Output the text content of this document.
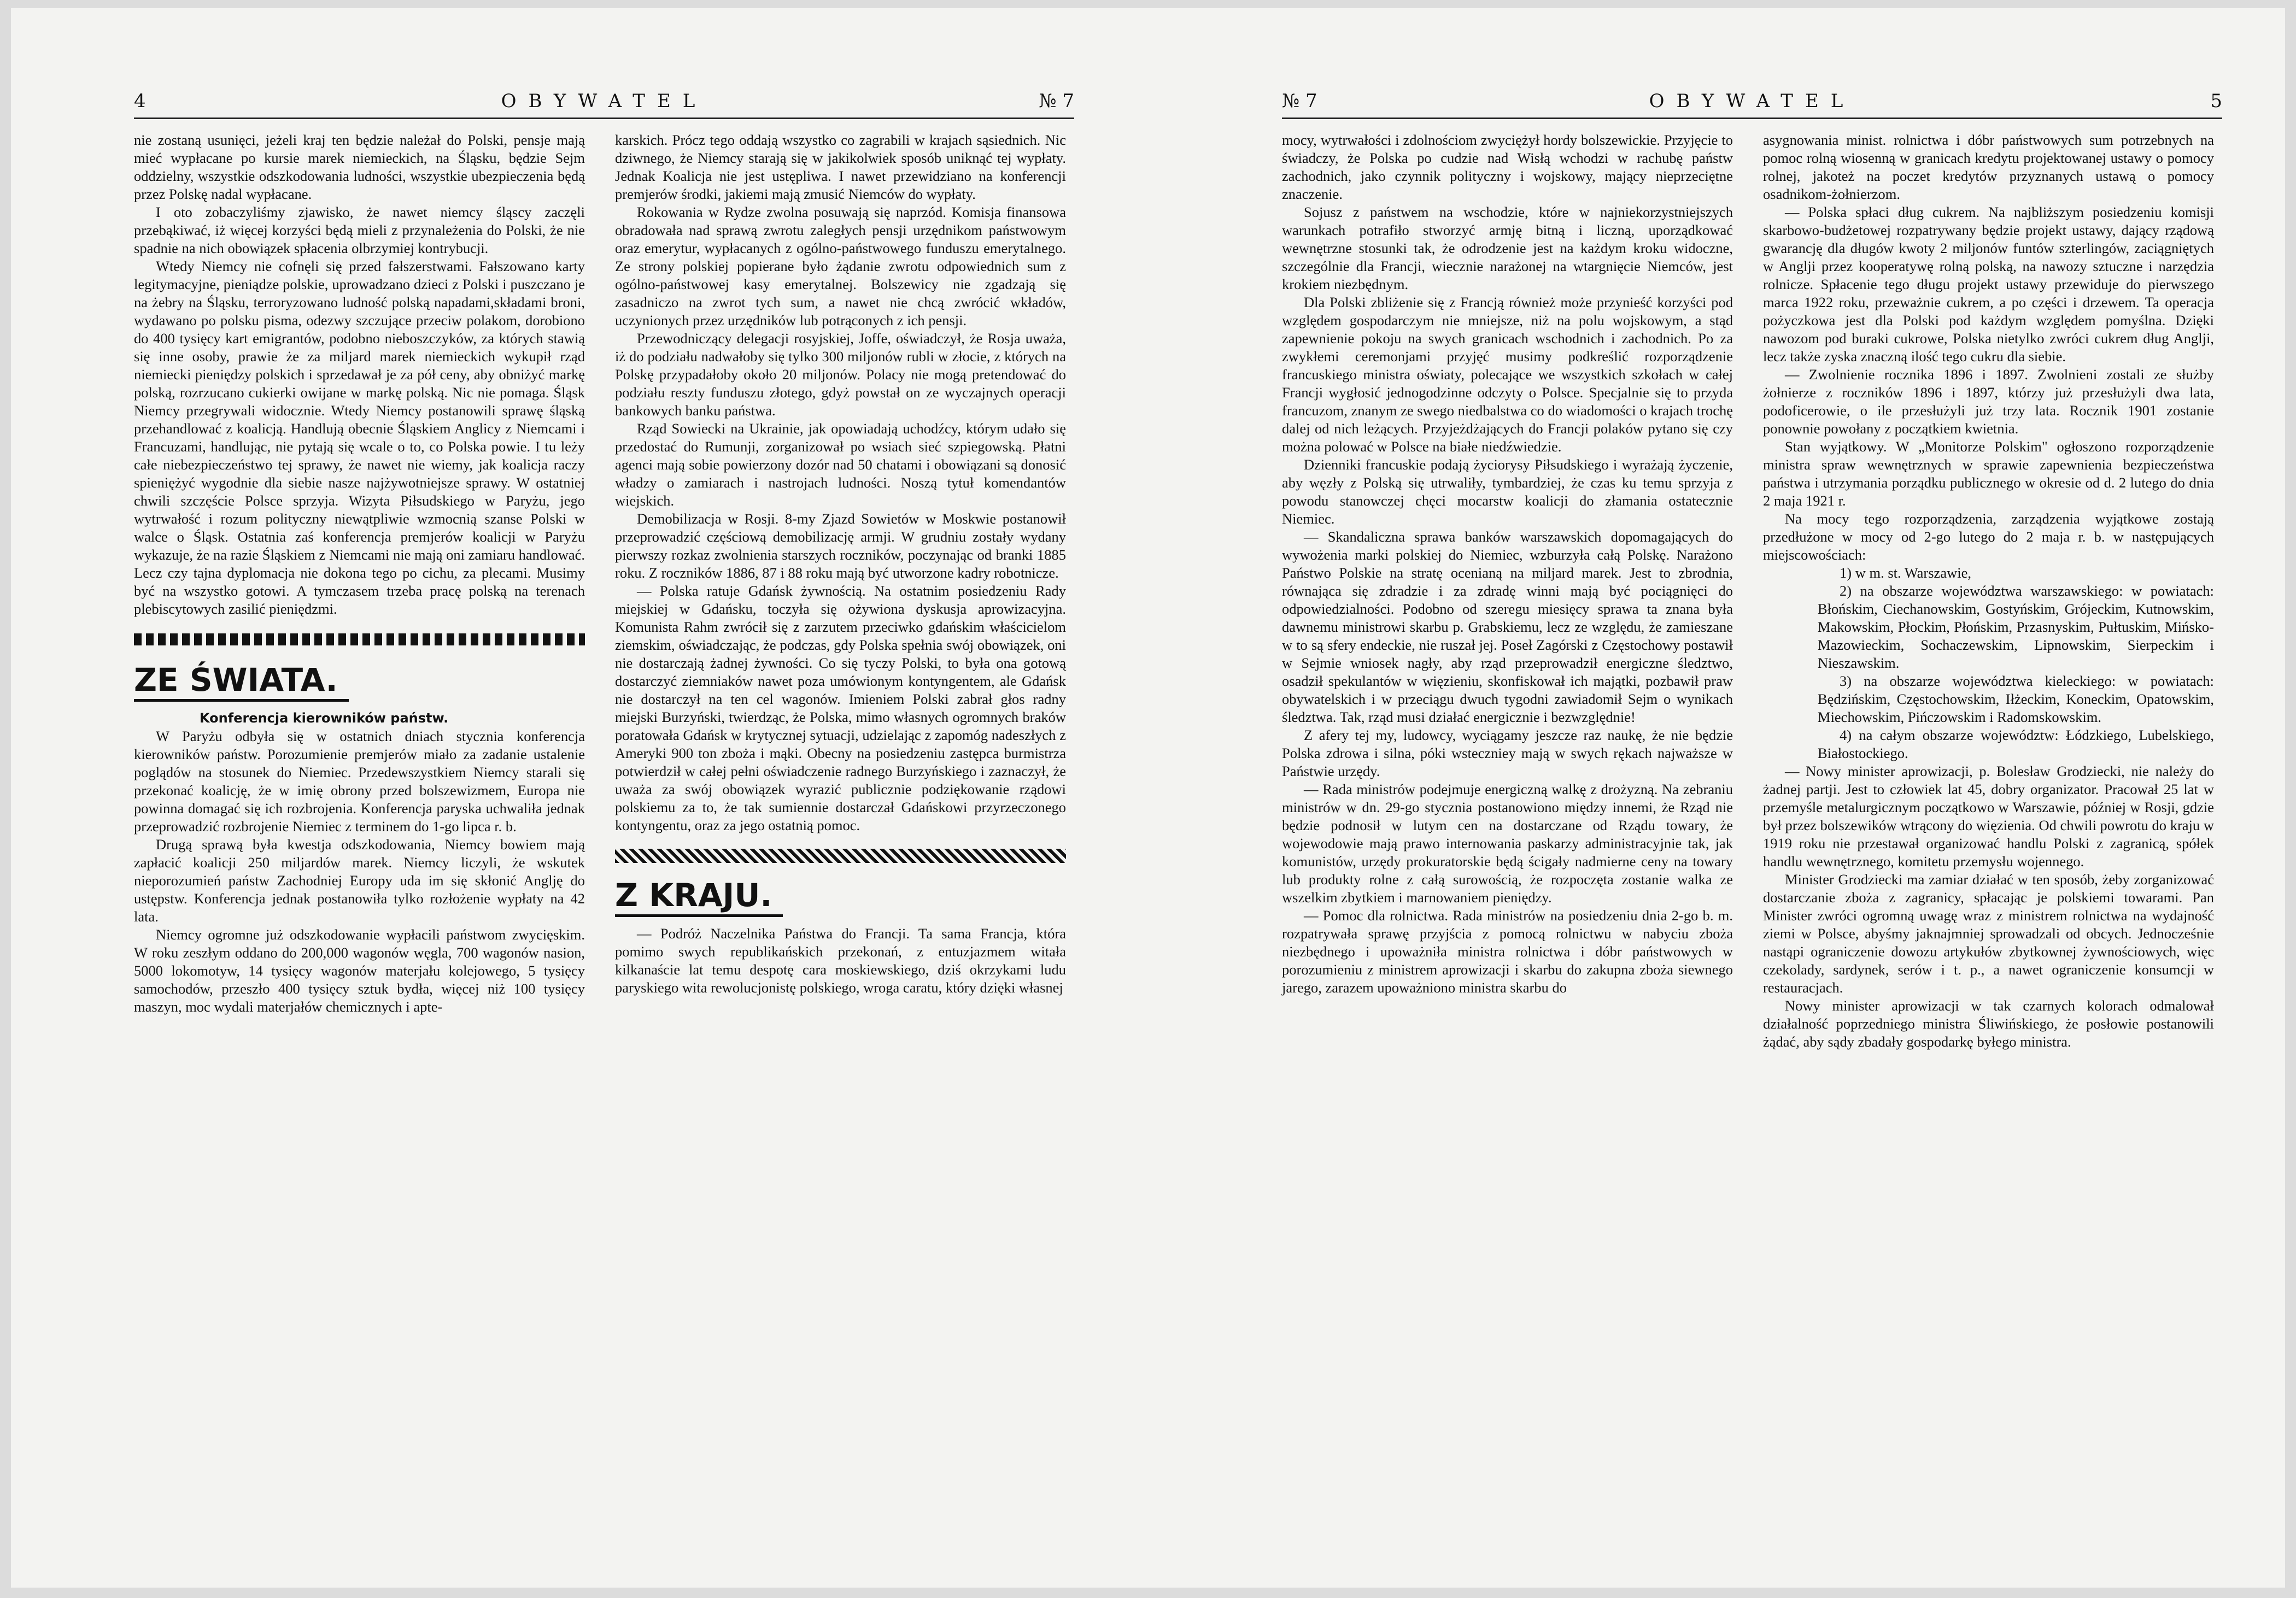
4	OBYWATEL	№ 7

nie zostaną usunięci, jeżeli kraj ten będzie należał do Polski, pensje mają mieć wypłacane po kursie marek niemieckich, na Śląsku, będzie Sejm oddzielny, wszystkie odszkodowania ludności, wszystkie ubezpieczenia będą przez Polskę nadal wypłacane.

I oto zobaczyliśmy zjawisko, że nawet niemcy śląscy zaczęli przebąkiwać, iż więcej korzyści będą mieli z przynależenia do Polski, że nie spadnie na nich obowiązek spłacenia olbrzymiej kontrybucji.

Wtedy Niemcy nie cofnęli się przed fałszerstwami. Fałszowano karty legitymacyjne, pieniądze polskie, uprowadzano dzieci z Polski i puszczano je na żebry na Śląsku, terroryzowano ludność polską napadami,składami broni, wydawano po polsku pisma, odezwy szczujące przeciw polakom, dorobiono do 400 tysięcy kart emigrantów, podobno nieboszczyków, za których stawią się inne osoby, prawie że za miljard marek niemieckich wykupił rząd niemiecki pieniędzy polskich i sprzedawał je za pół ceny, aby obniżyć markę polską, rozrzucano cukierki owijane w markę polską. Nic nie pomaga. Śląsk Niemcy przegrywali widocznie. Wtedy Niemcy postanowili sprawę śląską przehandlować z koalicją. Handlują obecnie Śląskiem Anglicy z Niemcami i Francuzami, handlując, nie pytają się wcale o to, co Polska powie. I tu leży całe niebezpieczeństwo tej sprawy, że nawet nie wiemy, jak koalicja raczy spieniężyć wygodnie dla siebie nasze najżywotniejsze sprawy. W ostatniej chwili szczęście Polsce sprzyja. Wizyta Piłsudskiego w Paryżu, jego wytrwałość i rozum polityczny niewątpliwie wzmocnią szanse Polski w walce o Śląsk. Ostatnia zaś konferencja premjerów koalicji w Paryżu wykazuje, że na razie Śląskiem z Niemcami nie mają oni zamiaru handlować. Lecz czy tajna dyplomacja nie dokona tego po cichu, za plecami. Musimy być na wszystko gotowi. A tymczasem trzeba pracę polską na terenach plebiscytowych zasilić pieniędzmi.

ZE ŚWIATA.

Konferencja kierowników państw.

W Paryżu odbyła się w ostatnich dniach stycznia konferencja kierowników państw. Porozumienie premjerów miało za zadanie ustalenie poglądów na stosunek do Niemiec. Przedewszystkiem Niemcy starali się przekonać koalicję, że w imię obrony przed bolszewizmem, Europa nie powinna domagać się ich rozbrojenia. Konferencja paryska uchwaliła jednak przeprowadzić rozbrojenie Niemiec z terminem do 1-go lipca r. b.

Drugą sprawą była kwestja odszkodowania, Niemcy bowiem mają zapłacić koalicji 250 miljardów marek. Niemcy liczyli, że wskutek nieporozumień państw Zachodniej Europy uda im się skłonić Anglję do ustępstw. Konferencja jednak postanowiła tylko rozłożenie wypłaty na 42 lata.

Niemcy ogromne już odszkodowanie wypłacili państwom zwycięskim. W roku zeszłym oddano do 200,000 wagonów węgla, 700 wagonów nasion, 5000 lokomotyw, 14 tysięcy wagonów materjału kolejowego, 5 tysięcy samochodów, przeszło 400 tysięcy sztuk bydła, więcej niż 100 tysięcy maszyn, moc wydali materjałów chemicznych i apte-

karskich. Prócz tego oddają wszystko co zagrabili w krajach sąsiednich. Nic dziwnego, że Niemcy starają się w jakikolwiek sposób uniknąć tej wypłaty. Jednak Koalicja nie jest ustępliwa. I nawet przewidziano na konferencji premjerów środki, jakiemi mają zmusić Niemców do wypłaty.

Rokowania w Rydze zwolna posuwają się naprzód. Komisja finansowa obradowała nad sprawą zwrotu zaległych pensji urzędnikom państwowym oraz emerytur, wypłacanych z ogólno-państwowego funduszu emerytalnego. Ze strony polskiej popierane było żądanie zwrotu odpowiednich sum z ogólno-państwowej kasy emerytalnej. Bolszewicy nie zgadzają się zasadniczo na zwrot tych sum, a nawet nie chcą zwrócić wkładów, uczynionych przez urzędników lub potrąconych z ich pensji.

Przewodniczący delegacji rosyjskiej, Joffe, oświadczył, że Rosja uważa, iż do podziału nadwałoby się tylko 300 miljonów rubli w złocie, z których na Polskę przypadałoby około 20 miljonów. Polacy nie mogą pretendować do podziału reszty funduszu złotego, gdyż powstał on ze wyczajnych operacji bankowych banku państwa.

Rząd Sowiecki na Ukrainie, jak opowiadają uchodźcy, którym udało się przedostać do Rumunji, zorganizował po wsiach sieć szpiegowską. Płatni agenci mają sobie powierzony dozór nad 50 chatami i obowiązani są donosić władzy o zamiarach i nastrojach ludności. Noszą tytuł komendantów wiejskich.

Demobilizacja w Rosji. 8-my Zjazd Sowietów w Moskwie postanowił przeprowadzić częściową demobilizację armji. W grudniu zostały wydany pierwszy rozkaz zwolnienia starszych roczników, poczynając od branki 1885 roku. Z roczników 1886, 87 i 88 roku mają być utworzone kadry robotnicze.

— Polska ratuje Gdańsk żywnością. Na ostatnim posiedzeniu Rady miejskiej w Gdańsku, toczyła się ożywiona dyskusja aprowizacyjna. Komunista Rahm zwrócił się z zarzutem przeciwko gdańskim właścicielom ziemskim, oświadczając, że podczas, gdy Polska spełnia swój obowiązek, oni nie dostarczają żadnej żywności. Co się tyczy Polski, to była ona gotową dostarczyć ziemniaków nawet poza umówionym kontyngentem, ale Gdańsk nie dostarczył na ten cel wagonów. Imieniem Polski zabrał głos radny miejski Burzyński, twierdząc, że Polska, mimo własnych ogromnych braków poratowała Gdańsk w krytycznej sytuacji, udzielając z zapomóg nadeszłych z Ameryki 900 ton zboża i mąki. Obecny na posiedzeniu zastępca burmistrza potwierdził w całej pełni oświadczenie radnego Burzyńskiego i zaznaczył, że uważa za swój obowiązek wyrazić publicznie podziękowanie rządowi polskiemu za to, że tak sumiennie dostarczał Gdańskowi przyrzeczonego kontyngentu, oraz za jego ostatnią pomoc.

Z KRAJU.

— Podróż Naczelnika Państwa do Francji. Ta sama Francja, która pomimo swych republikańskich przekonań, z entuzjazmem witała kilkanaście lat temu despotę cara moskiewskiego, dziś okrzykami ludu paryskiego wita rewolucjonistę polskiego, wroga caratu, który dzięki własnej

№ 7	OBYWATEL	5

mocy, wytrwałości i zdolnościom zwyciężył hordy bolszewickie. Przyjęcie to świadczy, że Polska po cudzie nad Wisłą wchodzi w rachubę państw zachodnich, jako czynnik polityczny i wojskowy, mający nieprzeciętne znaczenie.

Sojusz z państwem na wschodzie, które w najniekorzystniejszych warunkach potrafiło stworzyć armję bitną i liczną, uporządkować wewnętrzne stosunki tak, że odrodzenie jest na każdym kroku widoczne, szczególnie dla Francji, wiecznie narażonej na wtargnięcie Niemców, jest krokiem niezbędnym.

Dla Polski zbliżenie się z Francją również może przynieść korzyści pod względem gospodarczym nie mniejsze, niż na polu wojskowym, a stąd zapewnienie pokoju na swych granicach wschodnich i zachodnich. Po za zwykłemi ceremonjami przyjęć musimy podkreślić rozporządzenie francuskiego ministra oświaty, polecające we wszystkich szkołach w całej Francji wygłosić jednogodzinne odczyty o Polsce. Specjalnie się to przyda francuzom, znanym ze swego niedbalstwa co do wiadomości o krajach trochę dalej od nich leżących. Przyjeżdżających do Francji polaków pytano się czy można polować w Polsce na białe niedźwiedzie.

Dzienniki francuskie podają życiorysy Piłsudskiego i wyrażają życzenie, aby węzły z Polską się utrwaliły, tymbardziej, że czas ku temu sprzyja z powodu stanowczej chęci mocarstw koalicji do złamania ostatecznie Niemiec.

— Skandaliczna sprawa banków warszawskich dopomagających do wywożenia marki polskiej do Niemiec, wzburzyła całą Polskę. Narażono Państwo Polskie na stratę ocenianą na miljard marek. Jest to zbrodnia, równająca się zdradzie i za zdradę winni mają być pociągnięci do odpowiedzialności. Podobno od szeregu miesięcy sprawa ta znana była dawnemu ministrowi skarbu p. Grabskiemu, lecz ze względu, że zamieszane w to są sfery endeckie, nie ruszał jej. Poseł Zagórski z Częstochowy postawił w Sejmie wniosek nagły, aby rząd przeprowadził energiczne śledztwo, osadził spekulantów w więzieniu, skonfiskował ich majątki, pozbawił praw obywatelskich i w przeciągu dwuch tygodni zawiadomił Sejm o wynikach śledztwa. Tak, rząd musi działać energicznie i bezwzględnie!

Z afery tej my, ludowcy, wyciągamy jeszcze raz naukę, że nie będzie Polska zdrowa i silna, póki wsteczniey mają w swych rękach najważsze w Państwie urzędy.

— Rada ministrów podejmuje energiczną walkę z drożyzną. Na zebraniu ministrów w dn. 29-go stycznia postanowiono między innemi, że Rząd nie będzie podnosił w lutym cen na dostarczane od Rządu towary, że wojewodowie mają prawo internowania paskarzy administracyjnie tak, jak komunistów, urzędy prokuratorskie będą ścigały nadmierne ceny na towary lub produkty rolne z całą surowością, że rozpoczęta zostanie walka ze wszelkim zbytkiem i marnowaniem pieniędzy.

— Pomoc dla rolnictwa. Rada ministrów na posiedzeniu dnia 2-go b. m. rozpatrywała sprawę przyjścia z pomocą rolnictwu w nabyciu zboża niezbędnego i upoważniła ministra rolnictwa i dóbr państwowych w porozumieniu z ministrem aprowizacji i skarbu do zakupna zboża siewnego jarego, zarazem upoważniono ministra skarbu do

asygnowania minist. rolnictwa i dóbr państwowych sum potrzebnych na pomoc rolną wiosenną w granicach kredytu projektowanej ustawy o pomocy rolnej, jakoteż na poczet kredytów przyznanych ustawą o pomocy osadnikom-żołnierzom.

— Polska spłaci dług cukrem. Na najbliższym posiedzeniu komisji skarbowo-budżetowej rozpatrywany będzie projekt ustawy, dający rządową gwarancję dla długów kwoty 2 miljonów funtów szterlingów, zaciągniętych w Anglji przez kooperatywę rolną polską, na nawozy sztuczne i narzędzia rolnicze. Spłacenie tego długu projekt ustawy przewiduje do pierwszego marca 1922 roku, przeważnie cukrem, a po części i drzewem. Ta operacja pożyczkowa jest dla Polski pod każdym względem pomyślna. Dzięki nawozom pod buraki cukrowe, Polska nietylko zwróci cukrem dług Anglji, lecz także zyska znaczną ilość tego cukru dla siebie.

— Zwolnienie rocznika 1896 i 1897. Zwolnieni zostali ze służby żołnierze z roczników 1896 i 1897, którzy już przesłużyli dwa lata, podoficerowie, o ile przesłużyli już trzy lata. Rocznik 1901 zostanie ponownie powołany z początkiem kwietnia.

Stan wyjątkowy. W „Monitorze Polskim" ogłoszono rozporządzenie ministra spraw wewnętrznych w sprawie zapewnienia bezpieczeństwa państwa i utrzymania porządku publicznego w okresie od d. 2 lutego do dnia 2 maja 1921 r.

Na mocy tego rozporządzenia, zarządzenia wyjątkowe zostają przedłużone w mocy od 2-go lutego do 2 maja r. b. w następujących miejscowościach:

1) w m. st. Warszawie,

2) na obszarze województwa warszawskiego: w powiatach: Błońskim, Ciechanowskim, Gostyńskim, Grójeckim, Kutnowskim, Makowskim, Płockim, Płońskim, Przasnyskim, Pułtuskim, Mińsko-Mazowieckim, Sochaczewskim, Lipnowskim, Sierpeckim i Nieszawskim.

3) na obszarze województwa kieleckiego: w powiatach: Będzińskim, Częstochowskim, Iłżeckim, Koneckim, Opatowskim, Miechowskim, Pińczowskim i Radomskowskim.

4) na całym obszarze województw: Łódzkiego, Lubelskiego, Białostockiego.

— Nowy minister aprowizacji, p. Bolesław Grodziecki, nie należy do żadnej partji. Jest to człowiek lat 45, dobry organizator. Pracował 25 lat w przemyśle metalurgicznym początkowo w Warszawie, później w Rosji, gdzie był przez bolszewików wtrącony do więzienia. Od chwili powrotu do kraju w 1919 roku nie przestawał organizować handlu Polski z zagranicą, spółek handlu wewnętrznego, komitetu przemysłu wojennego.

Minister Grodziecki ma zamiar działać w ten sposób, żeby zorganizować dostarczanie zboża z zagranicy, spłacając je polskiemi towarami. Pan Minister zwróci ogromną uwagę wraz z ministrem rolnictwa na wydajność ziemi w Polsce, abyśmy jaknajmniej sprowadzali od obcych. Jednocześnie nastąpi ograniczenie dowozu artykułów zbytkownej żywnościowych, więc czekolady, sardynek, serów i t. p., a nawet ograniczenie konsumcji w restauracjach.

Nowy minister aprowizacji w tak czarnych kolorach odmalował działalność poprzedniego ministra Śliwińskiego, że posłowie postanowili żądać, aby sądy zbadały gospodarkę byłego ministra.
